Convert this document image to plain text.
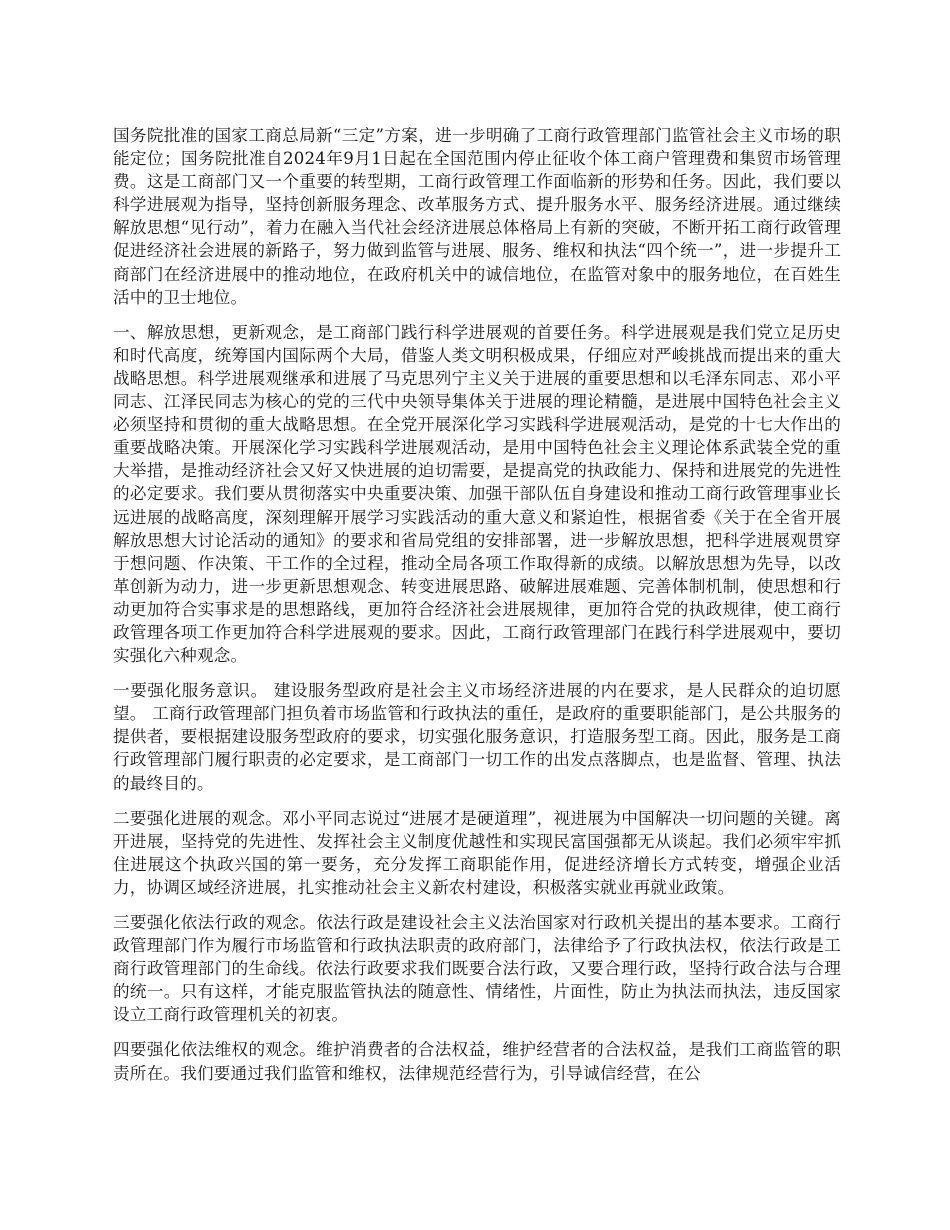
国务院批准的国家工商总局新“三定”方案，进一步明确了工商行政管理部门监管社会主义市场的职能定位；国务院批准自2024年9月1日起在全国范围内停止征收个体工商户管理费和集贸市场管理费。这是工商部门又一个重要的转型期，工商行政管理工作面临新的形势和任务。因此，我们要以科学进展观为指导，坚持创新服务理念、改革服务方式、提升服务水平、服务经济进展。通过继续解放思想“见行动”，着力在融入当代社会经济进展总体格局上有新的突破，不断开拓工商行政管理促进经济社会进展的新路子，努力做到监管与进展、服务、维权和执法“四个统一”，进一步提升工商部门在经济进展中的推动地位，在政府机关中的诚信地位，在监管对象中的服务地位，在百姓生活中的卫士地位。

一、解放思想，更新观念，是工商部门践行科学进展观的首要任务。科学进展观是我们党立足历史和时代高度，统筹国内国际两个大局，借鉴人类文明积极成果，仔细应对严峻挑战而提出来的重大战略思想。科学进展观继承和进展了马克思列宁主义关于进展的重要思想和以毛泽东同志、邓小平同志、江泽民同志为核心的党的三代中央领导集体关于进展的理论精髓，是进展中国特色社会主义必须坚持和贯彻的重大战略思想。在全党开展深化学习实践科学进展观活动，是党的十七大作出的重要战略决策。开展深化学习实践科学进展观活动，是用中国特色社会主义理论体系武装全党的重大举措，是推动经济社会又好又快进展的迫切需要，是提高党的执政能力、保持和进展党的先进性的必定要求。我们要从贯彻落实中央重要决策、加强干部队伍自身建设和推动工商行政管理事业长远进展的战略高度，深刻理解开展学习实践活动的重大意义和紧迫性，根据省委《关于在全省开展解放思想大讨论活动的通知》的要求和省局党组的安排部署，进一步解放思想，把科学进展观贯穿于想问题、作决策、干工作的全过程，推动全局各项工作取得新的成绩。以解放思想为先导，以改革创新为动力，进一步更新思想观念、转变进展思路、破解进展难题、完善体制机制，使思想和行动更加符合实事求是的思想路线，更加符合经济社会进展规律，更加符合党的执政规律，使工商行政管理各项工作更加符合科学进展观的要求。因此，工商行政管理部门在践行科学进展观中，要切实强化六种观念。

一要强化服务意识。 建设服务型政府是社会主义市场经济进展的内在要求，是人民群众的迫切愿望。 工商行政管理部门担负着市场监管和行政执法的重任，是政府的重要职能部门，是公共服务的提供者，要根据建设服务型政府的要求，切实强化服务意识，打造服务型工商。因此，服务是工商行政管理部门履行职责的必定要求，是工商部门一切工作的出发点落脚点，也是监督、管理、执法的最终目的。

二要强化进展的观念。邓小平同志说过“进展才是硬道理”，视进展为中国解决一切问题的关键。离开进展，坚持党的先进性、发挥社会主义制度优越性和实现民富国强都无从谈起。我们必须牢牢抓住进展这个执政兴国的第一要务，充分发挥工商职能作用，促进经济增长方式转变，增强企业活力，协调区域经济进展，扎实推动社会主义新农村建设，积极落实就业再就业政策。

三要强化依法行政的观念。依法行政是建设社会主义法治国家对行政机关提出的基本要求。工商行政管理部门作为履行市场监管和行政执法职责的政府部门，法律给予了行政执法权，依法行政是工商行政管理部门的生命线。依法行政要求我们既要合法行政，又要合理行政，坚持行政合法与合理的统一。只有这样，才能克服监管执法的随意性、情绪性，片面性，防止为执法而执法，违反国家设立工商行政管理机关的初衷。

四要强化依法维权的观念。维护消费者的合法权益，维护经营者的合法权益，是我们工商监管的职责所在。我们要通过我们监管和维权，法律规范经营行为，引导诚信经营，在公
